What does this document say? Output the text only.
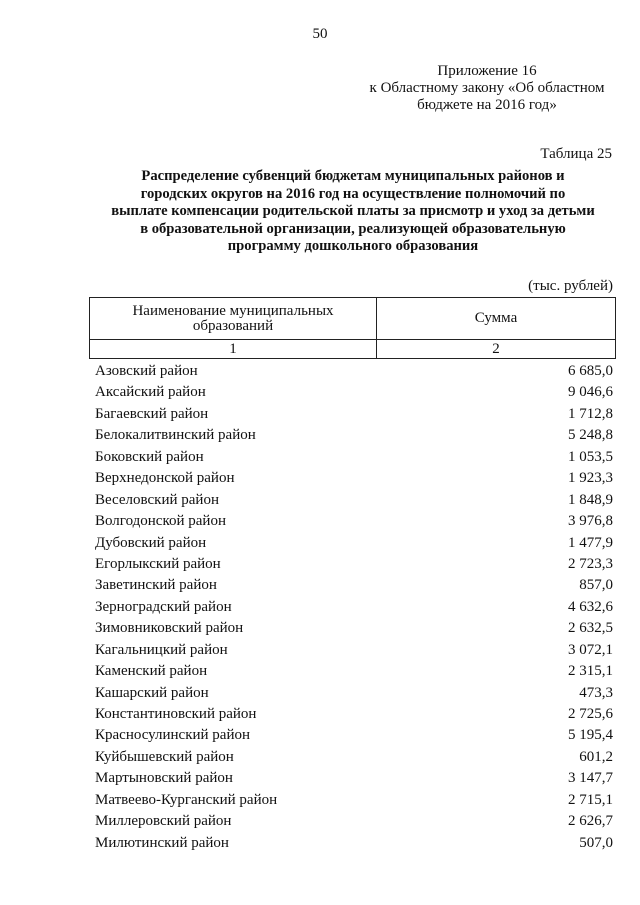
50
Приложение 16
к Областному закону «Об областном
бюджете на 2016 год»
Таблица 25
Распределение субвенций бюджетам муниципальных районов и
городских округов на 2016 год на осуществление полномочий по
выплате компенсации родительской платы за присмотр и уход за детьми
в образовательной организации, реализующей образовательную
программу дошкольного образования
(тыс. рублей)
Наименование муниципальных
образований	Сумма
1	2
Азовский район	6 685,0
Аксайский район	9 046,6
Багаевский район	1 712,8
Белокалитвинский район	5 248,8
Боковский район	1 053,5
Верхнедонской район	1 923,3
Веселовский район	1 848,9
Волгодонской район	3 976,8
Дубовский район	1 477,9
Егорлыкский район	2 723,3
Заветинский район	857,0
Зерноградский район	4 632,6
Зимовниковский район	2 632,5
Кагальницкий район	3 072,1
Каменский район	2 315,1
Кашарский район	473,3
Константиновский район	2 725,6
Красносулинский район	5 195,4
Куйбышевский район	601,2
Мартыновский район	3 147,7
Матвеево-Курганский район	2 715,1
Миллеровский район	2 626,7
Милютинский район	507,0
